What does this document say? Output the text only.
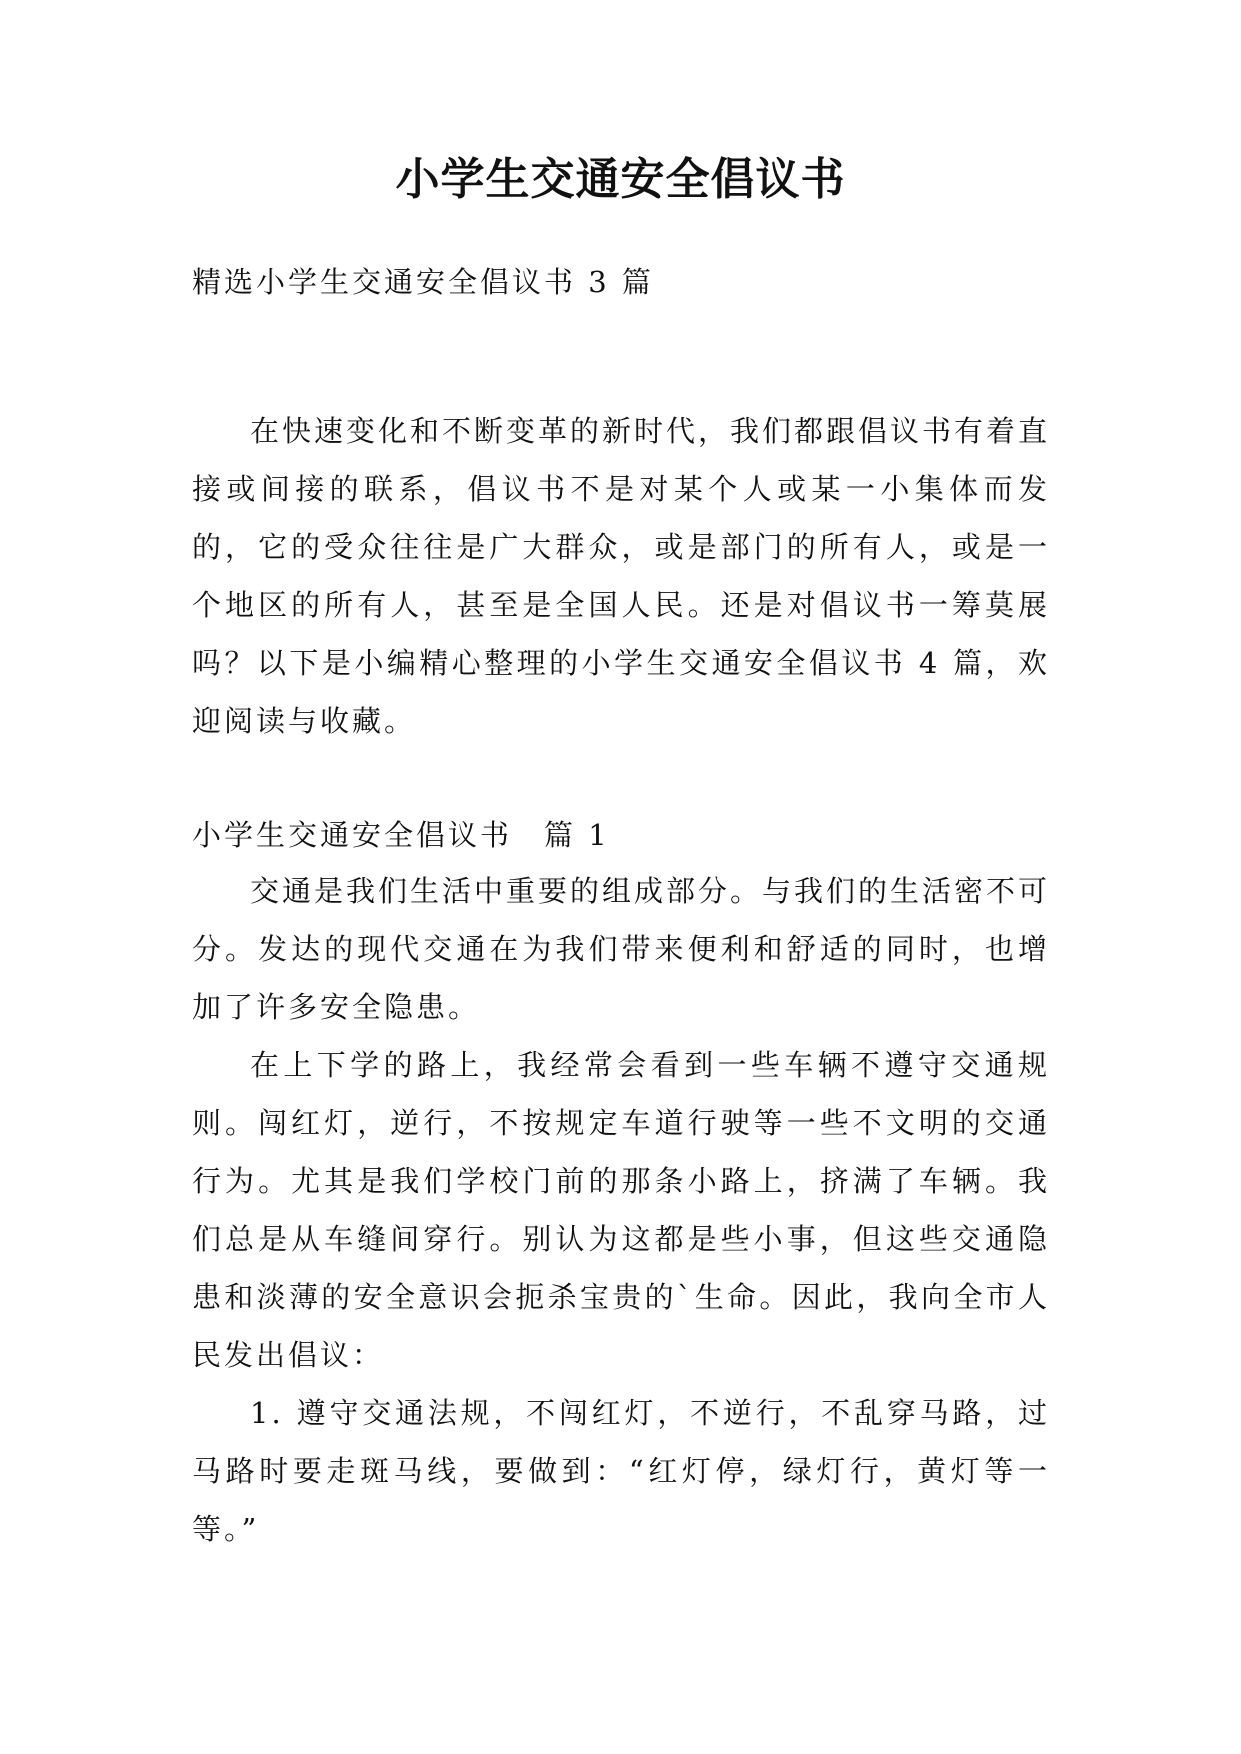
小学生交通安全倡议书
精选小学生交通安全倡议书 3 篇

在快速变化和不断变革的新时代，我们都跟倡议书有着直接或间接的联系，倡议书不是对某个人或某一小集体而发的，它的受众往往是广大群众，或是部门的所有人，或是一个地区的所有人，甚至是全国人民。还是对倡议书一筹莫展吗？以下是小编精心整理的小学生交通安全倡议书 4 篇，欢迎阅读与收藏。

小学生交通安全倡议书　篇 1

交通是我们生活中重要的组成部分。与我们的生活密不可分。发达的现代交通在为我们带来便利和舒适的同时，也增加了许多安全隐患。

在上下学的路上，我经常会看到一些车辆不遵守交通规则。闯红灯，逆行，不按规定车道行驶等一些不文明的交通行为。尤其是我们学校门前的那条小路上，挤满了车辆。我们总是从车缝间穿行。别认为这都是些小事，但这些交通隐患和淡薄的安全意识会扼杀宝贵的`生命。因此，我向全市人民发出倡议：

1. 遵守交通法规，不闯红灯，不逆行，不乱穿马路，过马路时要走斑马线，要做到：“红灯停，绿灯行，黄灯等一等。”
